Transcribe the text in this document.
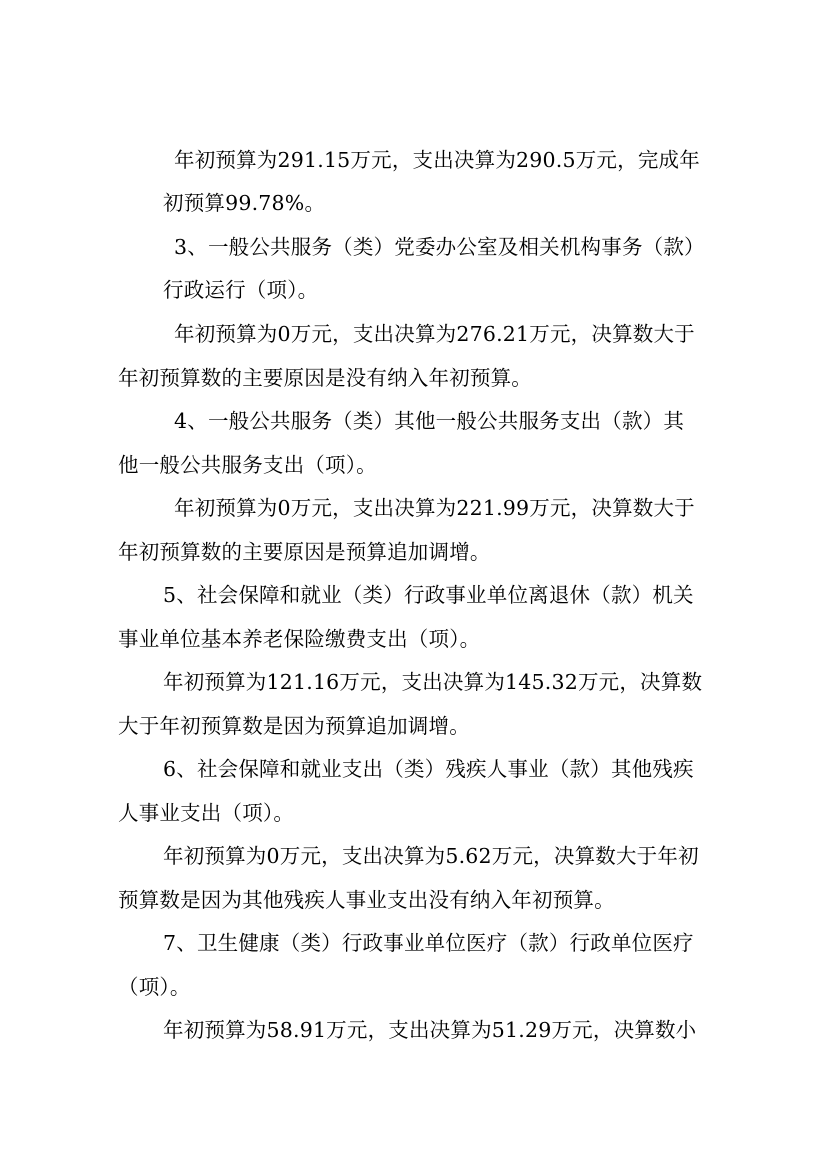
年初预算为291.15万元，支出决算为290.5万元，完成年
初预算99.78%。
3、一般公共服务（类）党委办公室及相关机构事务（款）
行政运行（项）。
年初预算为0万元，支出决算为276.21万元，决算数大于
年初预算数的主要原因是没有纳入年初预算。
4、一般公共服务（类）其他一般公共服务支出（款）其
他一般公共服务支出（项）。
年初预算为0万元，支出决算为221.99万元，决算数大于
年初预算数的主要原因是预算追加调增。
5、社会保障和就业（类）行政事业单位离退休（款）机关
事业单位基本养老保险缴费支出（项）。
年初预算为121.16万元，支出决算为145.32万元，决算数
大于年初预算数是因为预算追加调增。
6、社会保障和就业支出（类）残疾人事业（款）其他残疾
人事业支出（项）。
年初预算为0万元，支出决算为5.62万元，决算数大于年初
预算数是因为其他残疾人事业支出没有纳入年初预算。
7、卫生健康（类）行政事业单位医疗（款）行政单位医疗
（项）。
年初预算为58.91万元，支出决算为51.29万元，决算数小
